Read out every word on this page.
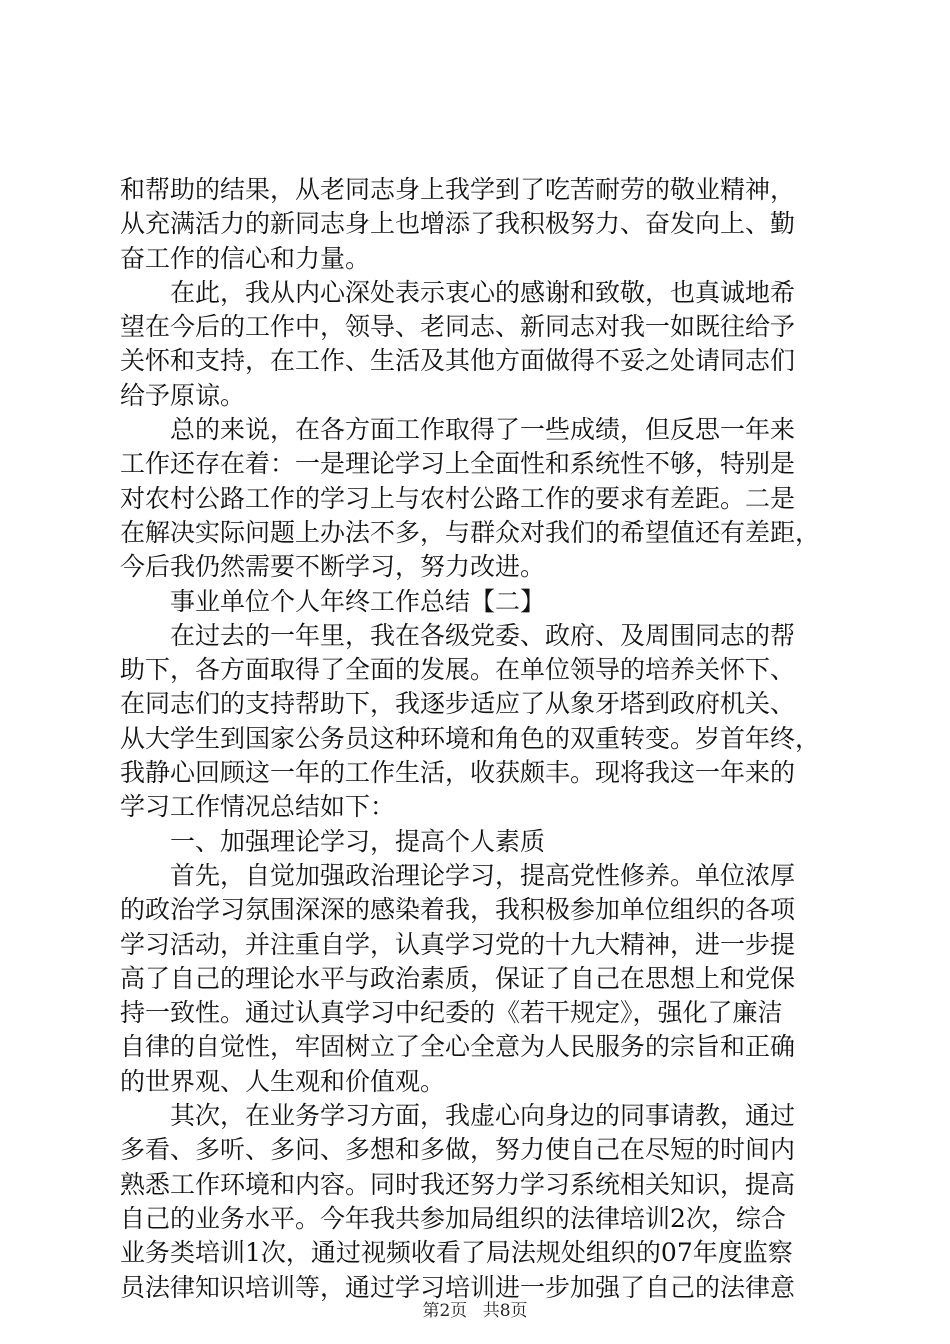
和帮助的结果，从老同志身上我学到了吃苦耐劳的敬业精神，
从充满活力的新同志身上也增添了我积极努力、奋发向上、勤
奋工作的信心和力量。
在此，我从内心深处表示衷心的感谢和致敬，也真诚地希
望在今后的工作中，领导、老同志、新同志对我一如既往给予
关怀和支持，在工作、生活及其他方面做得不妥之处请同志们
给予原谅。
总的来说，在各方面工作取得了一些成绩，但反思一年来
工作还存在着：一是理论学习上全面性和系统性不够，特别是
对农村公路工作的学习上与农村公路工作的要求有差距。二是
在解决实际问题上办法不多，与群众对我们的希望值还有差距，
今后我仍然需要不断学习，努力改进。
事业单位个人年终工作总结【二】
在过去的一年里，我在各级党委、政府、及周围同志的帮
助下，各方面取得了全面的发展。在单位领导的培养关怀下、
在同志们的支持帮助下，我逐步适应了从象牙塔到政府机关、
从大学生到国家公务员这种环境和角色的双重转变。岁首年终，
我静心回顾这一年的工作生活，收获颇丰。现将我这一年来的
学习工作情况总结如下：
一、加强理论学习，提高个人素质
首先，自觉加强政治理论学习，提高党性修养。单位浓厚
的政治学习氛围深深的感染着我，我积极参加单位组织的各项
学习活动，并注重自学，认真学习党的十九大精神，进一步提
高了自己的理论水平与政治素质，保证了自己在思想上和党保
持一致性。通过认真学习中纪委的《若干规定》，强化了廉洁
自律的自觉性，牢固树立了全心全意为人民服务的宗旨和正确
的世界观、人生观和价值观。
其次，在业务学习方面，我虚心向身边的同事请教，通过
多看、多听、多问、多想和多做，努力使自己在尽短的时间内
熟悉工作环境和内容。同时我还努力学习系统相关知识，提高
自己的业务水平。今年我共参加局组织的法律培训2次，综合
业务类培训1次，通过视频收看了局法规处组织的07年度监察
员法律知识培训等，通过学习培训进一步加强了自己的法律意
第2页 共8页
